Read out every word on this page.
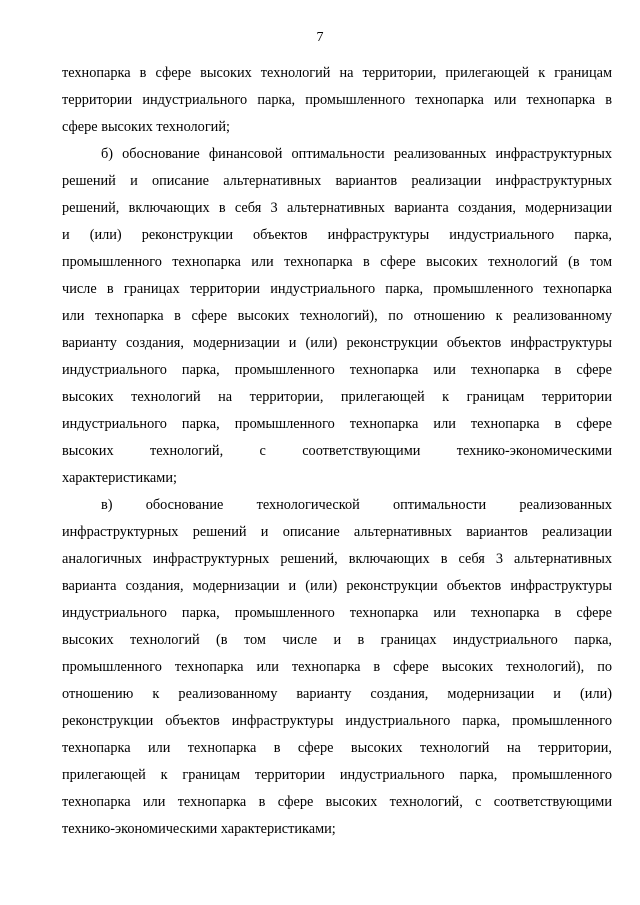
7
технопарка в сфере высоких технологий на территории, прилегающей к границам
территории индустриального парка, промышленного технопарка или технопарка в
сфере высоких технологий;
б) обоснование финансовой оптимальности реализованных инфраструктурных
решений и описание альтернативных вариантов реализации инфраструктурных
решений, включающих в себя 3 альтернативных варианта создания, модернизации
и (или) реконструкции объектов инфраструктуры индустриального парка,
промышленного технопарка или технопарка в сфере высоких технологий (в том
числе в границах территории индустриального парка, промышленного технопарка
или технопарка в сфере высоких технологий), по отношению к реализованному
варианту создания, модернизации и (или) реконструкции объектов инфраструктуры
индустриального парка, промышленного технопарка или технопарка в сфере
высоких технологий на территории, прилегающей к границам территории
индустриального парка, промышленного технопарка или технопарка в сфере
высоких технологий, с соответствующими технико-экономическими
характеристиками;
в) обоснование технологической оптимальности реализованных
инфраструктурных решений и описание альтернативных вариантов реализации
аналогичных инфраструктурных решений, включающих в себя 3 альтернативных
варианта создания, модернизации и (или) реконструкции объектов инфраструктуры
индустриального парка, промышленного технопарка или технопарка в сфере
высоких технологий (в том числе и в границах индустриального парка,
промышленного технопарка или технопарка в сфере высоких технологий), по
отношению к реализованному варианту создания, модернизации и (или)
реконструкции объектов инфраструктуры индустриального парка, промышленного
технопарка или технопарка в сфере высоких технологий на территории,
прилегающей к границам территории индустриального парка, промышленного
технопарка или технопарка в сфере высоких технологий, с соответствующими
технико-экономическими характеристиками;
